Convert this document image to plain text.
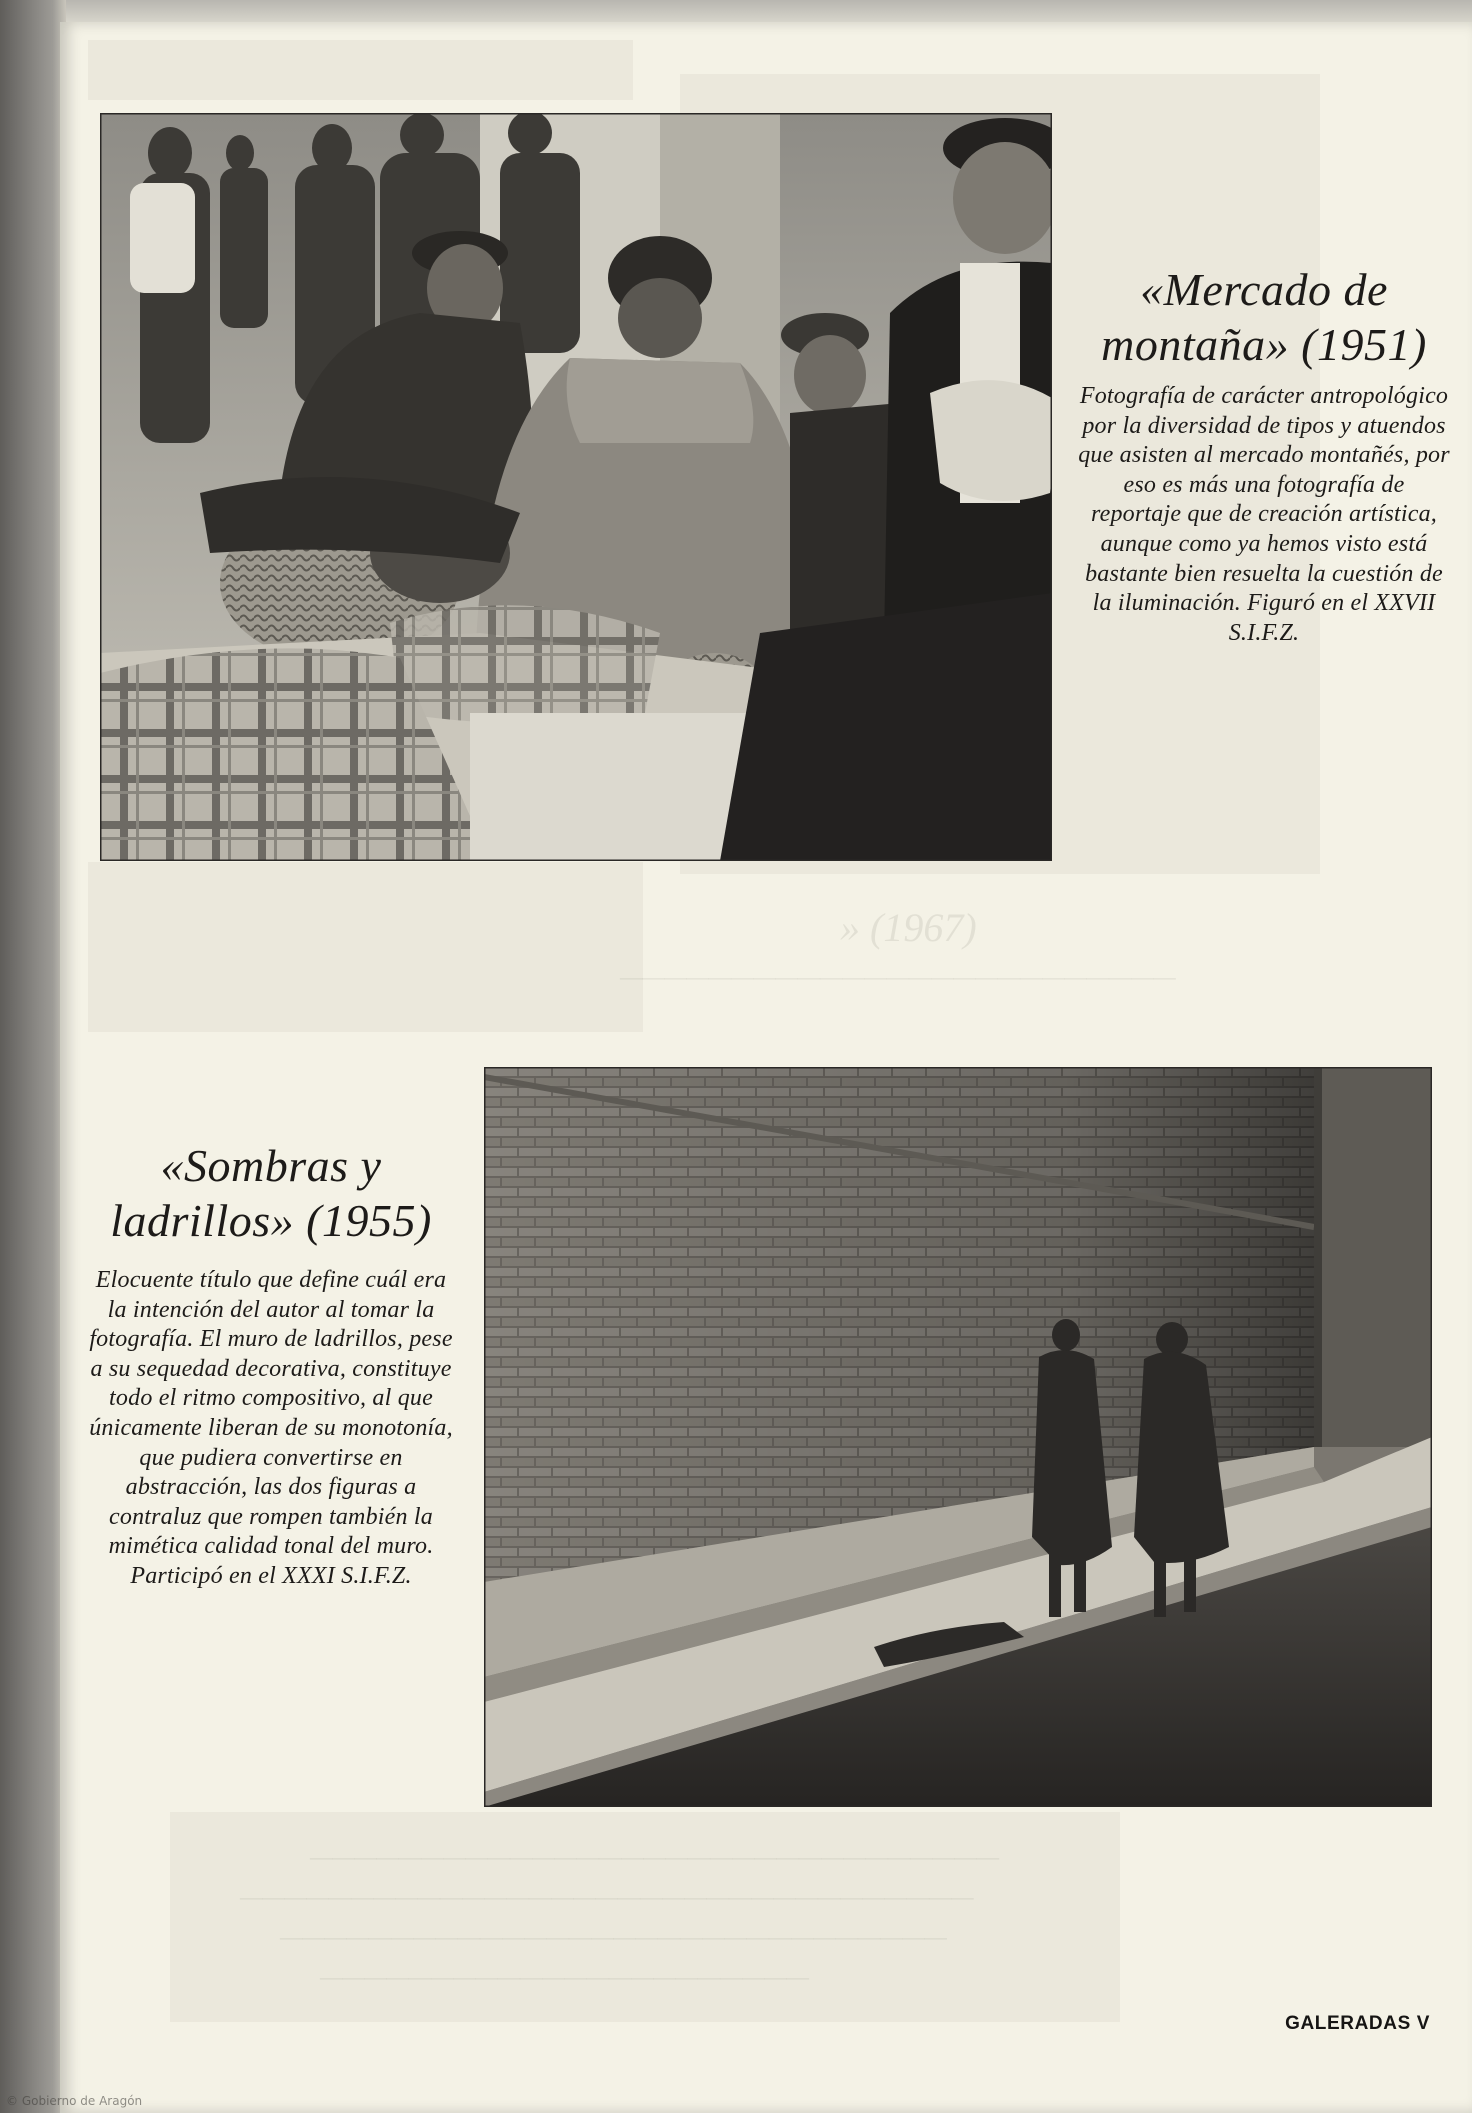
» (1967)
—————————————————————————
———————————————————————————————
—————————————————————————————————
——————————————————————————————
——————————————————————
«Mercado de montaña» (1951)
Fotografía de carácter antropológico por la diversidad de tipos y atuendos que asisten al mercado montañés, por eso es más una fotografía de reportaje que de creación artística, aunque como ya hemos visto está bastante bien resuelta la cuestión de la iluminación. Figuró en el XXVII S.I.F.Z.
«Sombras y ladrillos» (1955)
Elocuente título que define cuál era la intención del autor al tomar la fotografía. El muro de ladrillos, pese a su sequedad decorativa, constituye todo el ritmo compositivo, al que únicamente liberan de su monotonía, que pudiera convertirse en abstracción, las dos figuras a contraluz que rompen también la mimética calidad tonal del muro. Participó en el XXXI S.I.F.Z.
GALERADAS V
© Gobierno de Aragón
